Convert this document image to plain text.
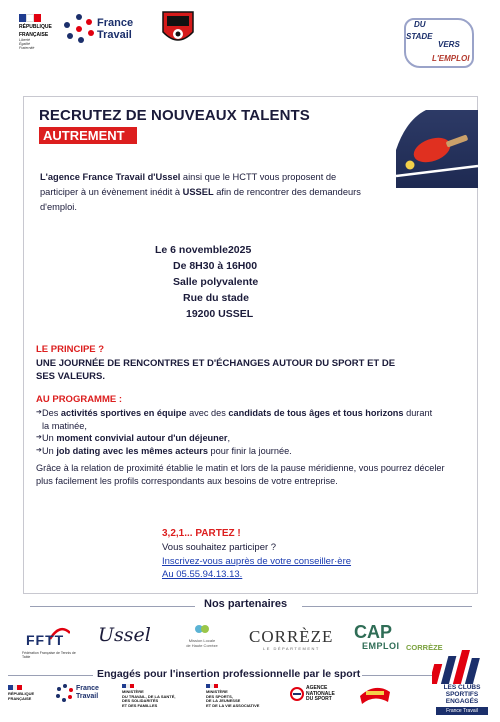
RÉPUBLIQUE
FRANÇAISE
Liberté
Égalité
Fraternité
France
Travail
DU
STADE
VERS
L'EMPLOI
RECRUTEZ DE NOUVEAUX TALENTS
AUTREMENT
L'agence France Travail d'Ussel ainsi que le HCTT vous proposent de participer à un évènement inédit à USSEL afin de rencontrer des demandeurs d'emploi.
Le 6 novemble2025
De 8H30 à 16H00
Salle polyvalente
Rue du stade
19200 USSEL
LE PRINCIPE ?
UNE JOURNÉE DE RENCONTRES ET D'ÉCHANGES AUTOUR DU SPORT ET DE SES VALEURS.
AU PROGRAMME :
➔ Des activités sportives en équipe avec des candidats de tous âges et tous horizons durant la matinée,
➔ Un moment convivial autour d'un déjeuner,
➔ Un job dating avec les mêmes acteurs pour finir la journée.
Grâce à la relation de proximité établie le matin et lors de la pause méridienne, vous pourrez déceler plus facilement les profils correspondants aux besoins de votre entreprise.
3,2,1... PARTEZ !
Vous souhaitez participer ?
Inscrivez-vous auprès de votre conseiller·ère
Au 05.55.94.13.13.
Nos partenaires
FFTT
Fédération Française de Tennis de Table
Ussel	Mission Locale
de Haute Corrèze	CORRÈZE
LE DÉPARTEMENT
CAP
EMPLOI CORRÈZE
Engagés pour l'insertion professionnelle par le sport
RÉPUBLIQUE
FRANÇAISE
France
Travail
MINISTÈRE
DU TRAVAIL, DE LA SANTÉ,
DES SOLIDARITÉS
ET DES FAMILLES
MINISTÈRE
DES SPORTS,
DE LA JEUNESSE
ET DE LA VIE ASSOCIATIVE
AGENCE
NATIONALE
DU SPORT
LES CLUBS
SPORTIFS
ENGAGÉS
France Travail
